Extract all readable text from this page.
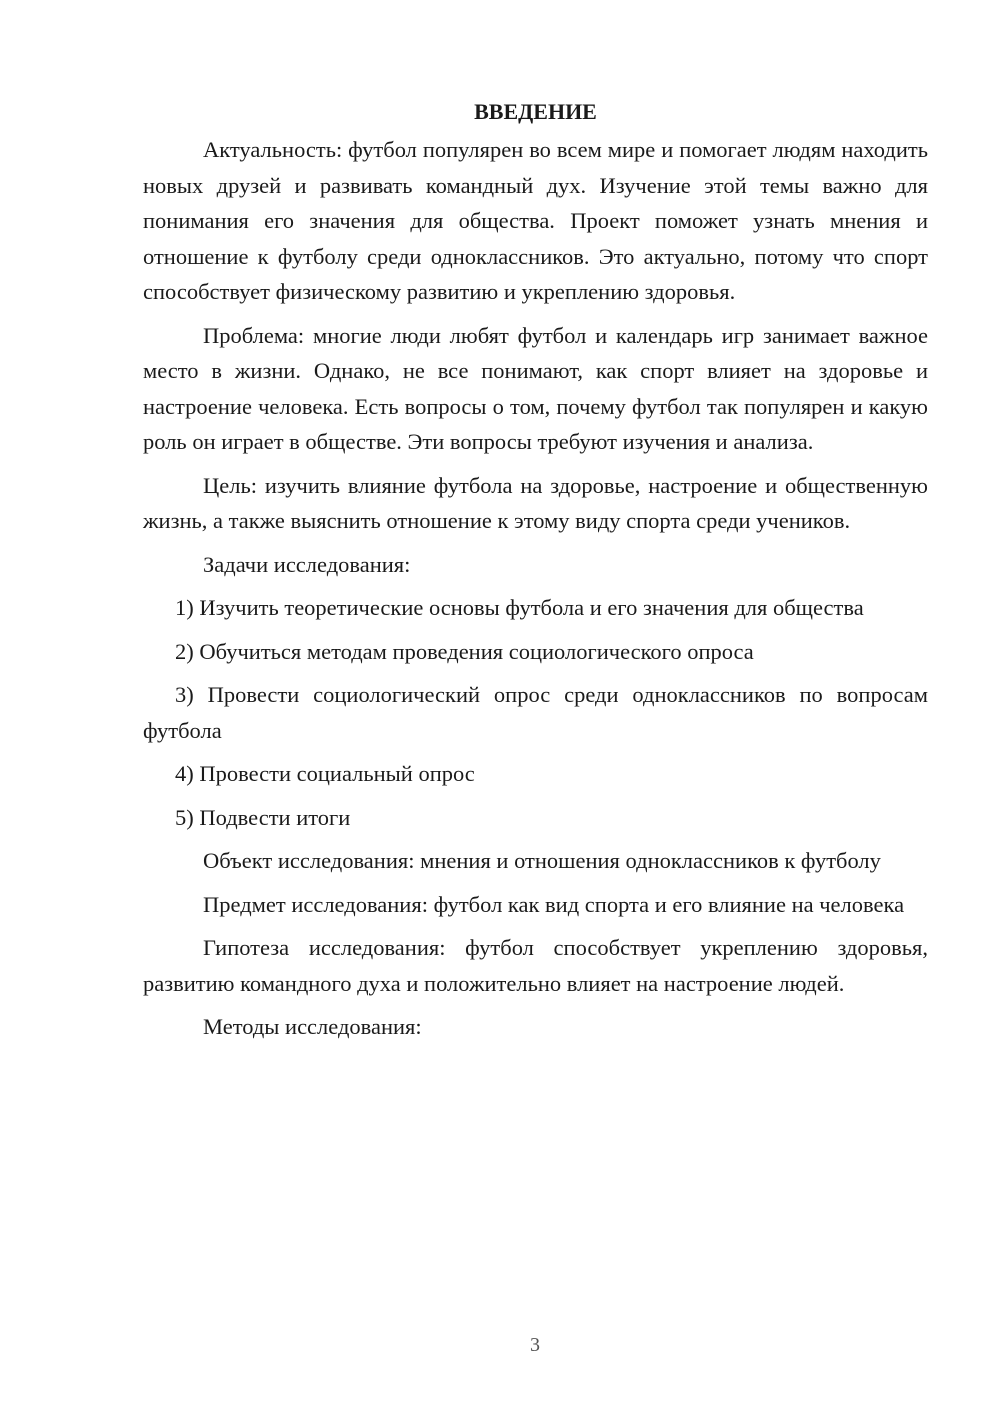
ВВЕДЕНИЕ

Актуальность: футбол популярен во всем мире и помогает людям находить новых друзей и развивать командный дух. Изучение этой темы важно для понимания его значения для общества. Проект поможет узнать мнения и отношение к футболу среди одноклассников. Это актуально, потому что спорт способствует физическому развитию и укреплению здоровья.

Проблема: многие люди любят футбол и календарь игр занимает важное место в жизни. Однако, не все понимают, как спорт влияет на здоровье и настроение человека. Есть вопросы о том, почему футбол так популярен и какую роль он играет в обществе. Эти вопросы требуют изучения и анализа.

Цель: изучить влияние футбола на здоровье, настроение и общественную жизнь, а также выяснить отношение к этому виду спорта среди учеников.

Задачи исследования:

1) Изучить теоретические основы футбола и его значения для общества

2) Обучиться методам проведения социологического опроса

3) Провести социологический опрос среди одноклассников по вопросам футбола

4) Провести социальный опрос

5) Подвести итоги

Объект исследования: мнения и отношения одноклассников к футболу

Предмет исследования: футбол как вид спорта и его влияние на человека

Гипотеза исследования: футбол способствует укреплению здоровья, развитию командного духа и положительно влияет на настроение людей.

Методы исследования:

3
